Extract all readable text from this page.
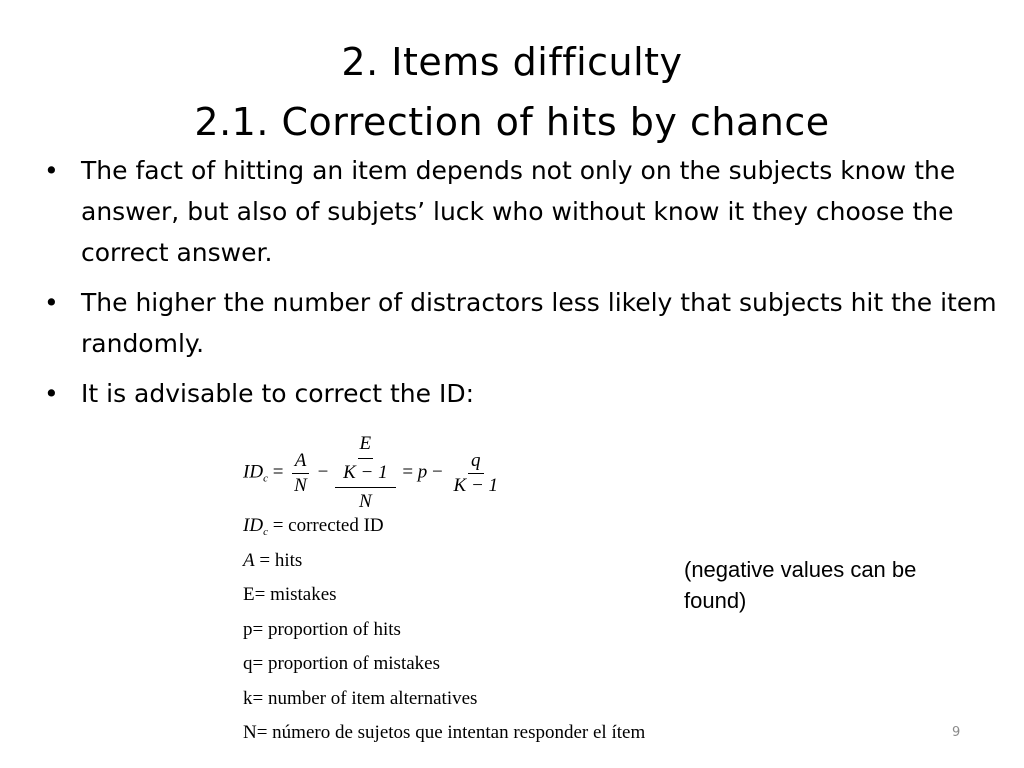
2. Items difficulty
2.1. Correction of hits by chance
• The fact of hitting an item depends not only on the subjects know the answer, but also of subjets’ luck who without know it they choose the correct answer.
• The higher the number of distractors less likely that subjects hit the item randomly.
• It is advisable to correct the ID:
$ID_c = \frac{A}{N} - \frac{\frac{E}{K - 1}}{N} = p - \frac{q}{K - 1}$
$ID_c$ = corrected ID
A = hits
E= mistakes
p= proportion of hits
q= proportion of mistakes
k= number of item alternatives
N= número de sujetos que intentan responder el ítem
(negative values can be found)
9
